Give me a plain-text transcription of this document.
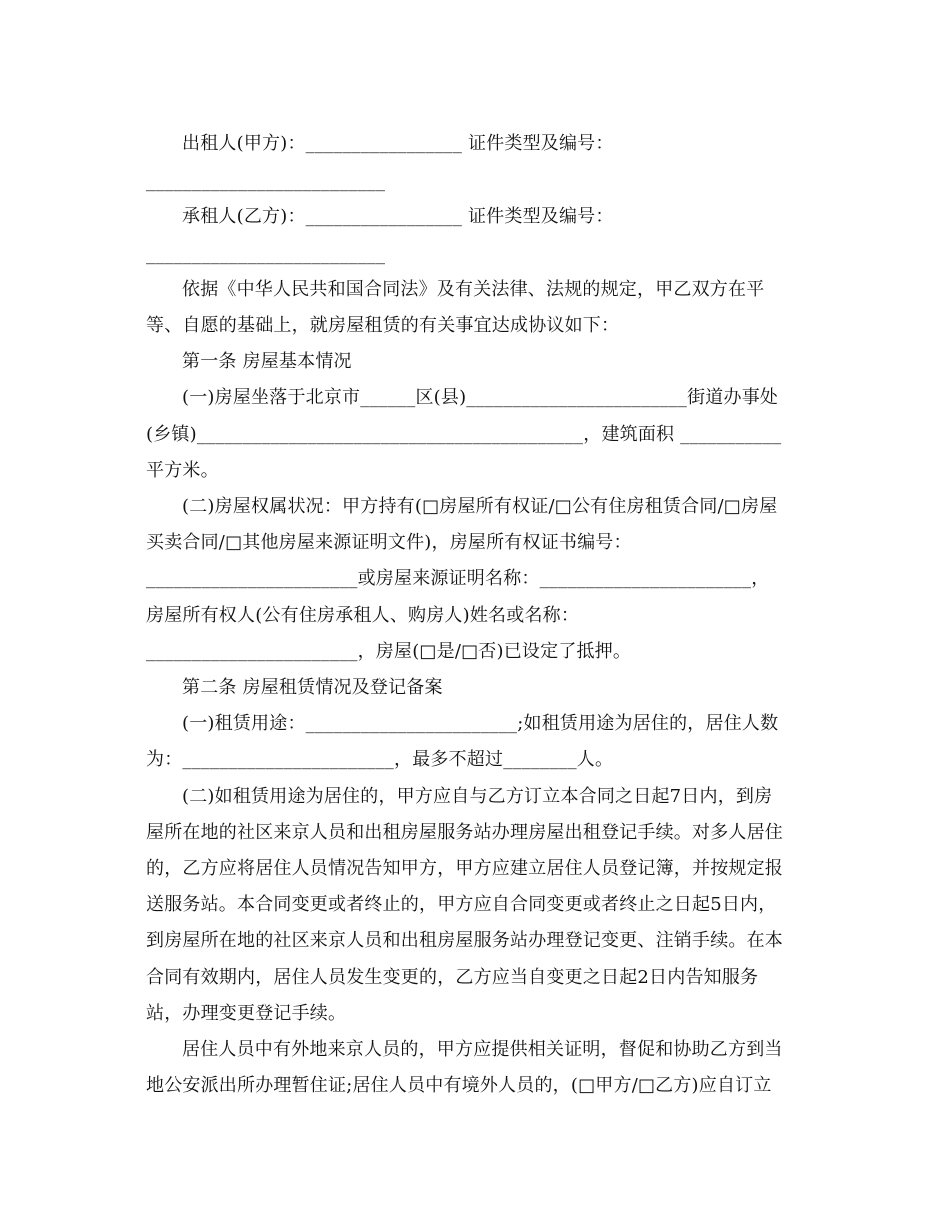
出租人(甲方)：_________________ 证件类型及编号：
__________________________
承租人(乙方)：_________________ 证件类型及编号：
__________________________
依据《中华人民共和国合同法》及有关法律、法规的规定，甲乙双方在平
等、自愿的基础上，就房屋租赁的有关事宜达成协议如下：
第一条 房屋基本情况
(一)房屋坐落于北京市______区(县)________________________街道办事处
(乡镇)__________________________________________，建筑面积 ___________
平方米。
(二)房屋权属状况：甲方持有(□房屋所有权证/□公有住房租赁合同/□房屋
买卖合同/□其他房屋来源证明文件)，房屋所有权证书编号：
_______________________或房屋来源证明名称：_______________________，
房屋所有权人(公有住房承租人、购房人)姓名或名称：
_______________________，房屋(□是/□否)已设定了抵押。
第二条 房屋租赁情况及登记备案
(一)租赁用途：_______________________;如租赁用途为居住的，居住人数
为：_______________________，最多不超过________人。
(二)如租赁用途为居住的，甲方应自与乙方订立本合同之日起7日内，到房
屋所在地的社区来京人员和出租房屋服务站办理房屋出租登记手续。对多人居住
的，乙方应将居住人员情况告知甲方，甲方应建立居住人员登记簿，并按规定报
送服务站。本合同变更或者终止的，甲方应自合同变更或者终止之日起5日内，
到房屋所在地的社区来京人员和出租房屋服务站办理登记变更、注销手续。在本
合同有效期内，居住人员发生变更的，乙方应当自变更之日起2日内告知服务
站，办理变更登记手续。
居住人员中有外地来京人员的，甲方应提供相关证明，督促和协助乙方到当
地公安派出所办理暂住证;居住人员中有境外人员的，(□甲方/□乙方)应自订立
